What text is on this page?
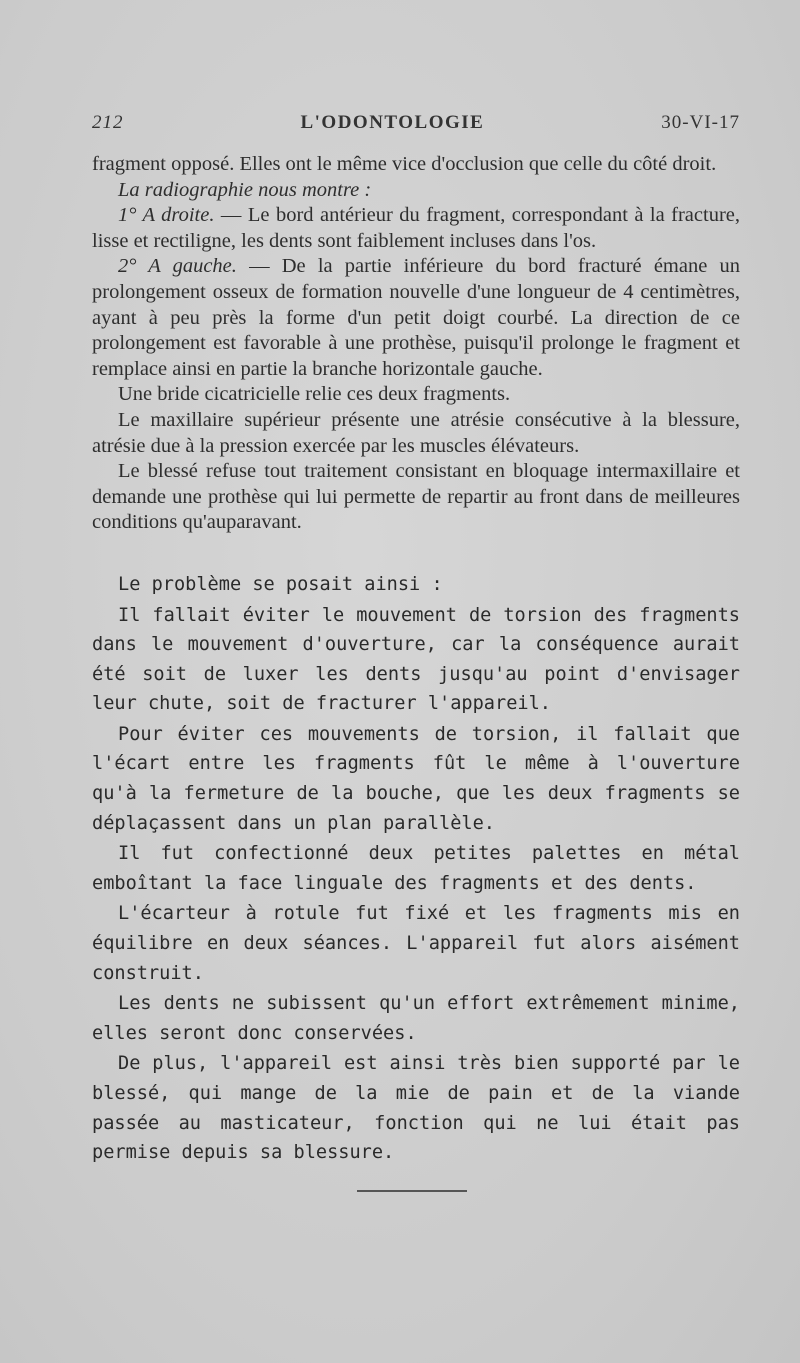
212	L'ODONTOLOGIE	30-VI-17

fragment opposé. Elles ont le même vice d'occlusion que celle du côté droit.

La radiographie nous montre :

1° A droite. — Le bord antérieur du fragment, correspondant à la fracture, lisse et rectiligne, les dents sont faiblement incluses dans l'os.

2° A gauche. — De la partie inférieure du bord fracturé émane un prolongement osseux de formation nouvelle d'une longueur de 4 centimètres, ayant à peu près la forme d'un petit doigt courbé. La direction de ce prolongement est favorable à une prothèse, puisqu'il prolonge le fragment et remplace ainsi en partie la branche horizontale gauche.

Une bride cicatricielle relie ces deux fragments.

Le maxillaire supérieur présente une atrésie consécutive à la blessure, atrésie due à la pression exercée par les muscles élévateurs.

Le blessé refuse tout traitement consistant en bloquage intermaxillaire et demande une prothèse qui lui permette de repartir au front dans de meilleures conditions qu'auparavant.

Le problème se posait ainsi :

Il fallait éviter le mouvement de torsion des fragments dans le mouvement d'ouverture, car la conséquence aurait été soit de luxer les dents jusqu'au point d'envisager leur chute, soit de fracturer l'appareil.

Pour éviter ces mouvements de torsion, il fallait que l'écart entre les fragments fût le même à l'ouverture qu'à la fermeture de la bouche, que les deux fragments se déplaçassent dans un plan parallèle.

Il fut confectionné deux petites palettes en métal emboîtant la face linguale des fragments et des dents.

L'écarteur à rotule fut fixé et les fragments mis en équilibre en deux séances. L'appareil fut alors aisément construit.

Les dents ne subissent qu'un effort extrêmement minime, elles seront donc conservées.

De plus, l'appareil est ainsi très bien supporté par le blessé, qui mange de la mie de pain et de la viande passée au masticateur, fonction qui ne lui était pas permise depuis sa blessure.
